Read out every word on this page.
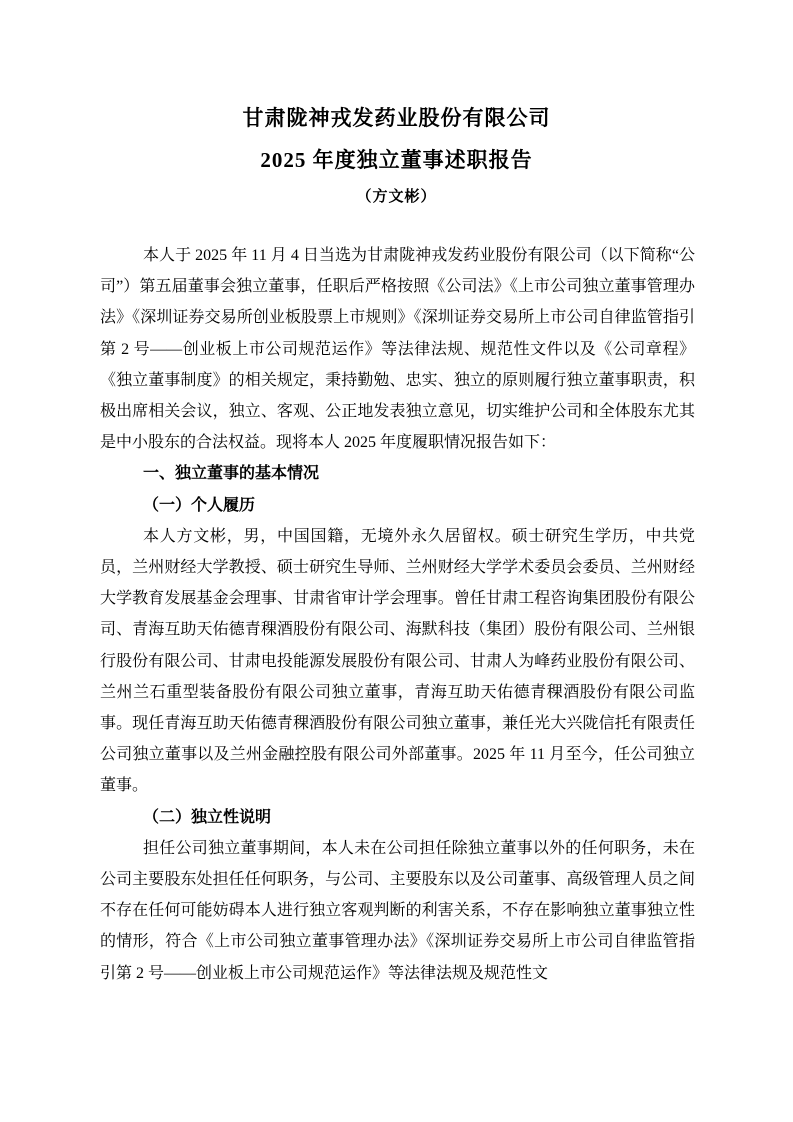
甘肃陇神戎发药业股份有限公司
2025 年度独立董事述职报告
（方文彬）

本人于 2025 年 11 月 4 日当选为甘肃陇神戎发药业股份有限公司（以下简称“公司”）第五届董事会独立董事，任职后严格按照《公司法》《上市公司独立董事管理办法》《深圳证券交易所创业板股票上市规则》《深圳证券交易所上市公司自律监管指引第 2 号——创业板上市公司规范运作》等法律法规、规范性文件以及《公司章程》《独立董事制度》的相关规定，秉持勤勉、忠实、独立的原则履行独立董事职责，积极出席相关会议，独立、客观、公正地发表独立意见，切实维护公司和全体股东尤其是中小股东的合法权益。现将本人 2025 年度履职情况报告如下：

一、独立董事的基本情况
（一）个人履历

本人方文彬，男，中国国籍，无境外永久居留权。硕士研究生学历，中共党员，兰州财经大学教授、硕士研究生导师、兰州财经大学学术委员会委员、兰州财经大学教育发展基金会理事、甘肃省审计学会理事。曾任甘肃工程咨询集团股份有限公司、青海互助天佑德青稞酒股份有限公司、海默科技（集团）股份有限公司、兰州银行股份有限公司、甘肃电投能源发展股份有限公司、甘肃人为峰药业股份有限公司、兰州兰石重型装备股份有限公司独立董事，青海互助天佑德青稞酒股份有限公司监事。现任青海互助天佑德青稞酒股份有限公司独立董事，兼任光大兴陇信托有限责任公司独立董事以及兰州金融控股有限公司外部董事。2025 年 11 月至今，任公司独立董事。

（二）独立性说明

担任公司独立董事期间，本人未在公司担任除独立董事以外的任何职务，未在公司主要股东处担任任何职务，与公司、主要股东以及公司董事、高级管理人员之间不存在任何可能妨碍本人进行独立客观判断的利害关系，不存在影响独立董事独立性的情形，符合《上市公司独立董事管理办法》《深圳证券交易所上市公司自律监管指引第 2 号——创业板上市公司规范运作》等法律法规及规范性文
